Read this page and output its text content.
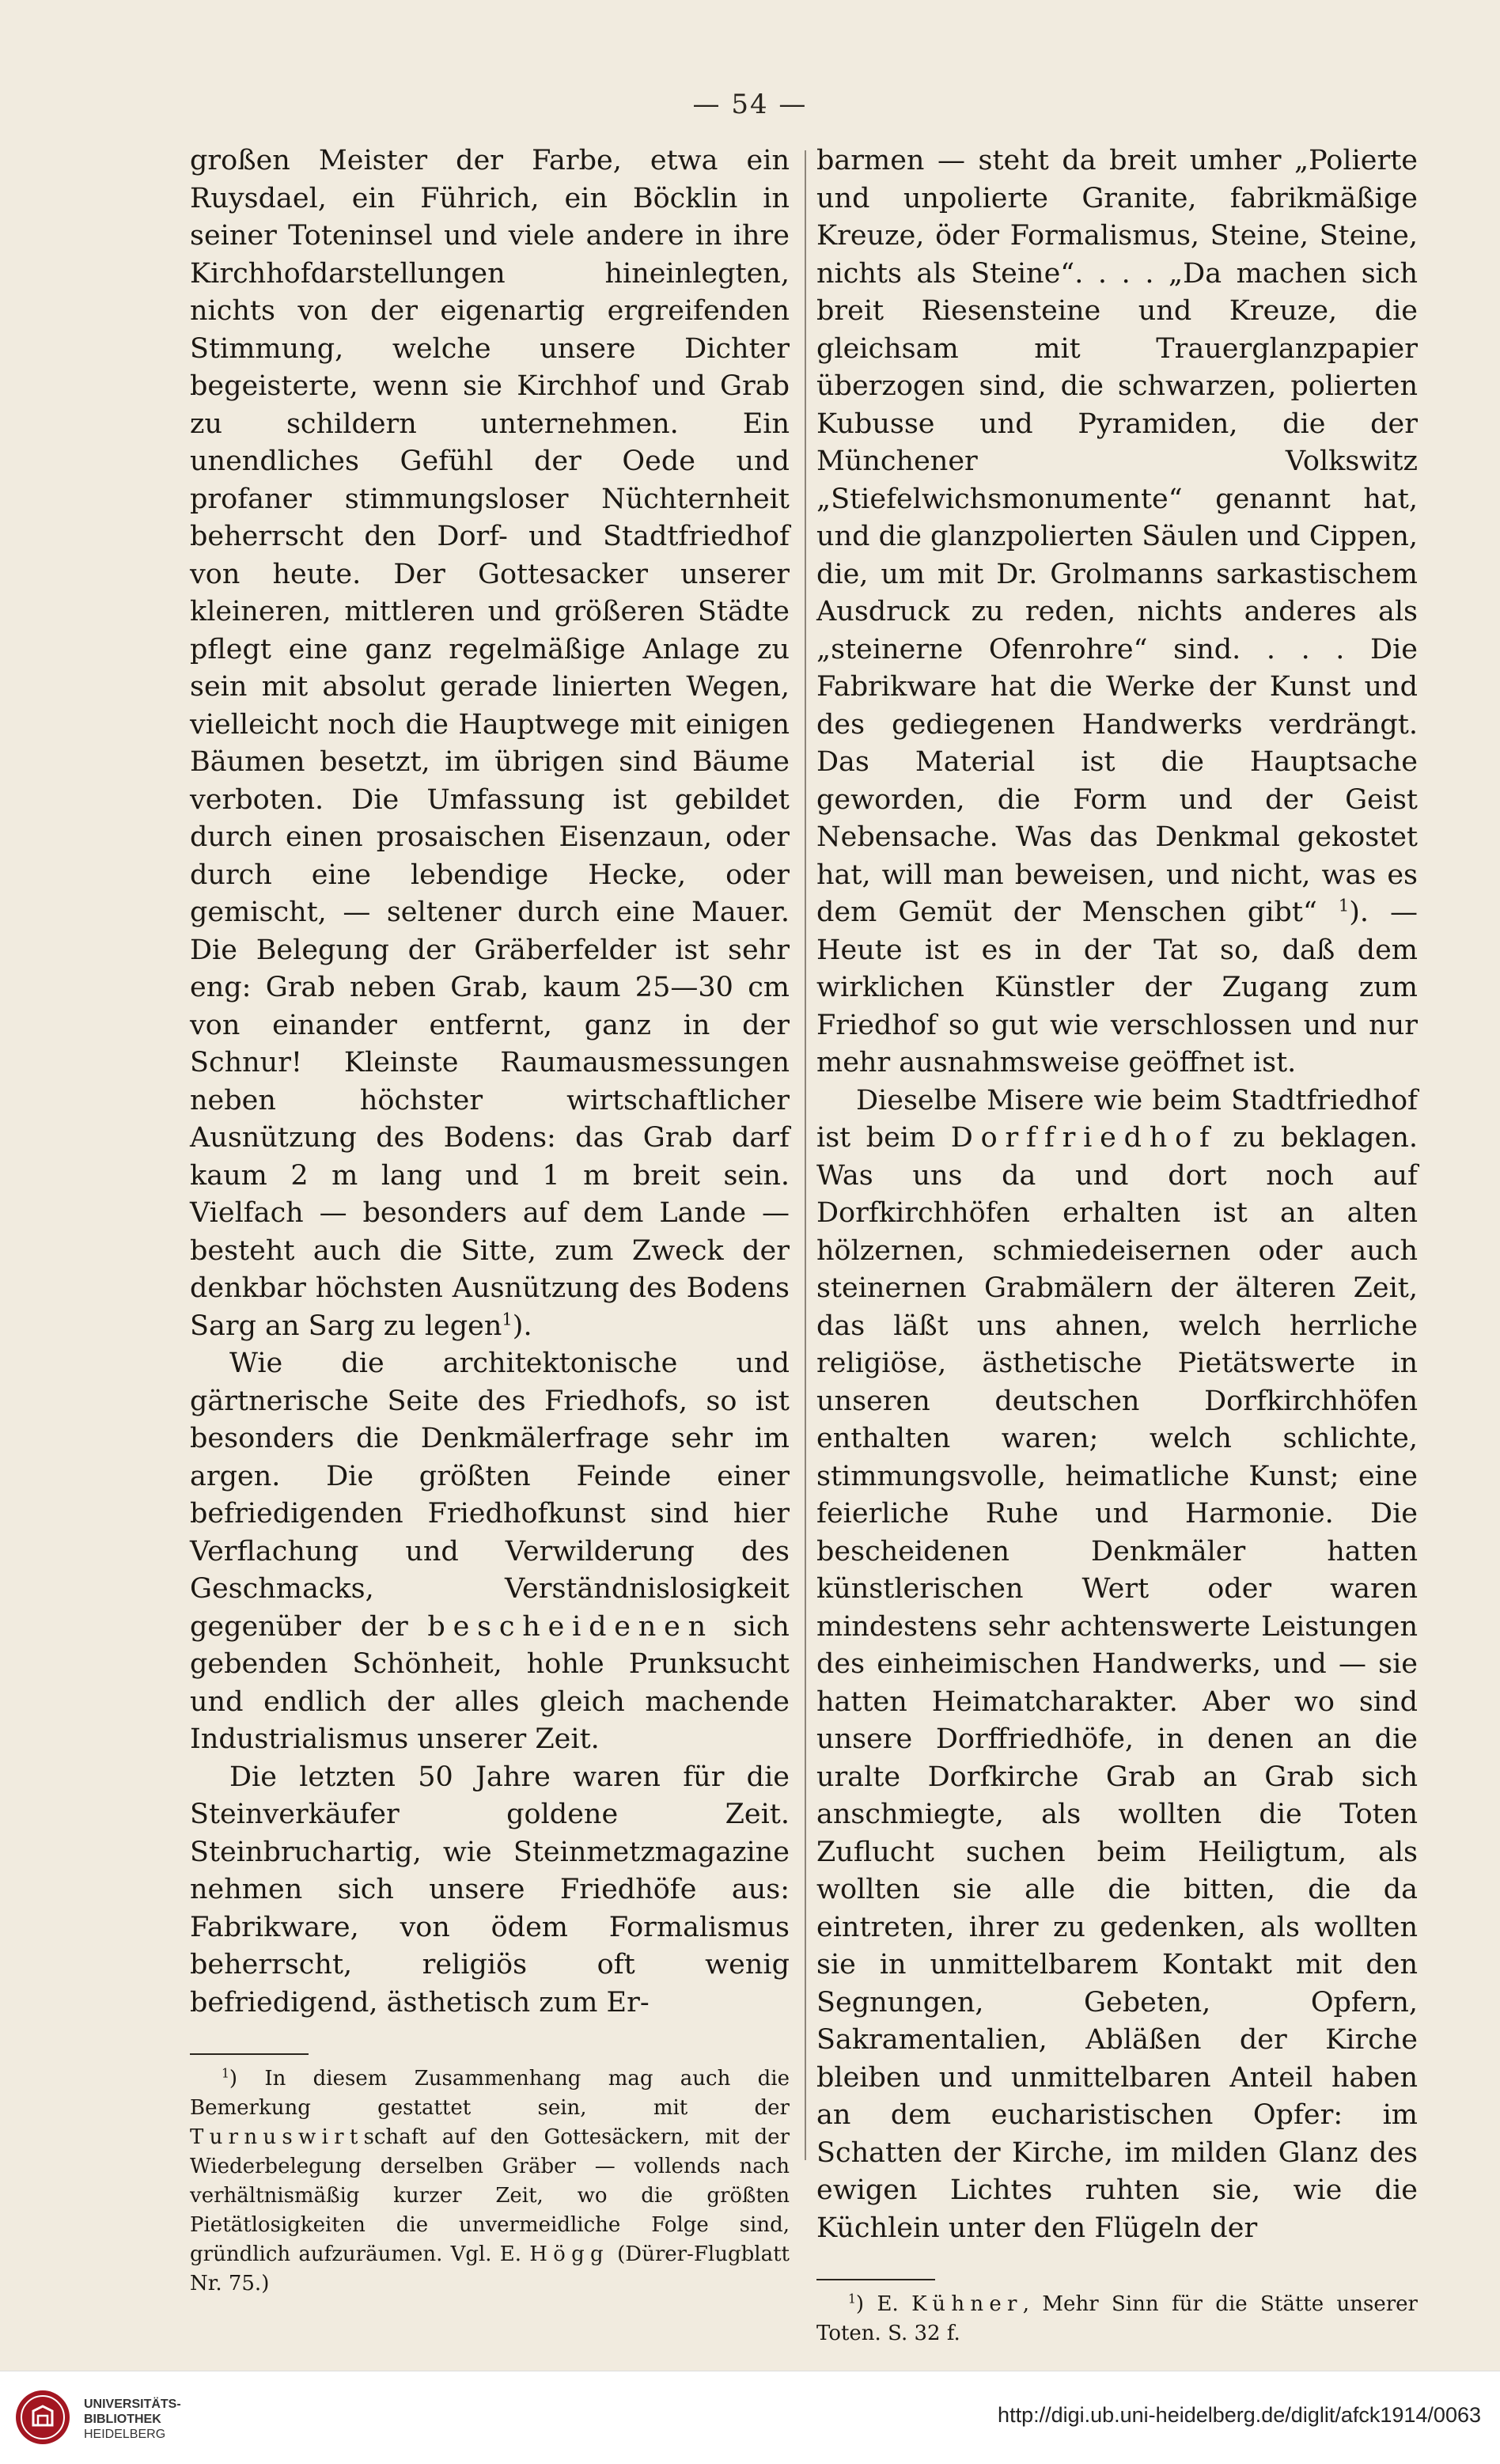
— 54 —

großen Meister der Farbe, etwa ein Ruysdael, ein Führich, ein Böcklin in seiner Toteninsel und viele andere in ihre Kirchhofdarstellungen hineinlegten, nichts von der eigenartig ergreifenden Stimmung, welche unsere Dichter begeisterte, wenn sie Kirchhof und Grab zu schildern unternehmen. Ein unendliches Gefühl der Oede und profaner stimmungsloser Nüchternheit beherrscht den Dorf- und Stadtfriedhof von heute. Der Gottesacker unserer kleineren, mittleren und größeren Städte pflegt eine ganz regelmäßige Anlage zu sein mit absolut gerade linierten Wegen, vielleicht noch die Hauptwege mit einigen Bäumen besetzt, im übrigen sind Bäume verboten. Die Umfassung ist gebildet durch einen prosaischen Eisenzaun, oder durch eine lebendige Hecke, oder gemischt, — seltener durch eine Mauer. Die Belegung der Gräberfelder ist sehr eng: Grab neben Grab, kaum 25—30 cm von einander entfernt, ganz in der Schnur! Kleinste Raumausmessungen neben höchster wirtschaftlicher Ausnützung des Bodens: das Grab darf kaum 2 m lang und 1 m breit sein. Vielfach — besonders auf dem Lande — besteht auch die Sitte, zum Zweck der denkbar höchsten Ausnützung des Bodens Sarg an Sarg zu legen$^1$).

Wie die architektonische und gärtnerische Seite des Friedhofs, so ist besonders die Denkmälerfrage sehr im argen. Die größten Feinde einer befriedigenden Friedhofkunst sind hier Verflachung und Verwilderung des Geschmacks, Verständnislosigkeit gegenüber der bescheidenen sich gebenden Schönheit, hohle Prunksucht und endlich der alles gleich machende Industrialismus unserer Zeit.

Die letzten 50 Jahre waren für die Steinverkäufer goldene Zeit. Steinbruchartig, wie Steinmetzmagazine nehmen sich unsere Friedhöfe aus: Fabrikware, von ödem Formalismus beherrscht, religiös oft wenig befriedigend, ästhetisch zum Er-

$^1$) In diesem Zusammenhang mag auch die Bemerkung gestattet sein, mit der Turnuswirtschaft auf den Gottesäckern, mit der Wiederbelegung derselben Gräber — vollends nach verhältnismäßig kurzer Zeit, wo die größten Pietätlosigkeiten die unvermeidliche Folge sind, gründlich aufzuräumen. Vgl. E. Högg (Dürer-Flugblatt Nr. 75.)

barmen — steht da breit umher „Polierte und unpolierte Granite, fabrikmäßige Kreuze, öder Formalismus, Steine, Steine, nichts als Steine“. . . . „Da machen sich breit Riesensteine und Kreuze, die gleichsam mit Trauerglanzpapier überzogen sind, die schwarzen, polierten Kubusse und Pyramiden, die der Münchener Volkswitz „Stiefelwichsmonumente“ genannt hat, und die glanzpolierten Säulen und Cippen, die, um mit Dr. Grolmanns sarkastischem Ausdruck zu reden, nichts anderes als „steinerne Ofenrohre“ sind. . . . Die Fabrikware hat die Werke der Kunst und des gediegenen Handwerks verdrängt. Das Material ist die Hauptsache geworden, die Form und der Geist Nebensache. Was das Denkmal gekostet hat, will man beweisen, und nicht, was es dem Gemüt der Menschen gibt“ $^1$). — Heute ist es in der Tat so, daß dem wirklichen Künstler der Zugang zum Friedhof so gut wie verschlossen und nur mehr ausnahmsweise geöffnet ist.

Dieselbe Misere wie beim Stadtfriedhof ist beim Dorffriedhof zu beklagen. Was uns da und dort noch auf Dorfkirchhöfen erhalten ist an alten hölzernen, schmiedeisernen oder auch steinernen Grabmälern der älteren Zeit, das läßt uns ahnen, welch herrliche religiöse, ästhetische Pietätswerte in unseren deutschen Dorfkirchhöfen enthalten waren; welch schlichte, stimmungsvolle, heimatliche Kunst; eine feierliche Ruhe und Harmonie. Die bescheidenen Denkmäler hatten künstlerischen Wert oder waren mindestens sehr achtenswerte Leistungen des einheimischen Handwerks, und — sie hatten Heimatcharakter. Aber wo sind unsere Dorffriedhöfe, in denen an die uralte Dorfkirche Grab an Grab sich anschmiegte, als wollten die Toten Zuflucht suchen beim Heiligtum, als wollten sie alle die bitten, die da eintreten, ihrer zu gedenken, als wollten sie in unmittelbarem Kontakt mit den Segnungen, Gebeten, Opfern, Sakramentalien, Abläßen der Kirche bleiben und unmittelbaren Anteil haben an dem eucharistischen Opfer: im Schatten der Kirche, im milden Glanz des ewigen Lichtes ruhten sie, wie die Küchlein unter den Flügeln der

$^1$) E. Kühner, Mehr Sinn für die Stätte unserer Toten. S. 32 f.

UNIVERSITÄTS-
BIBLIOTHEK
HEIDELBERG
http://digi.ub.uni-heidelberg.de/diglit/afck1914/0063
